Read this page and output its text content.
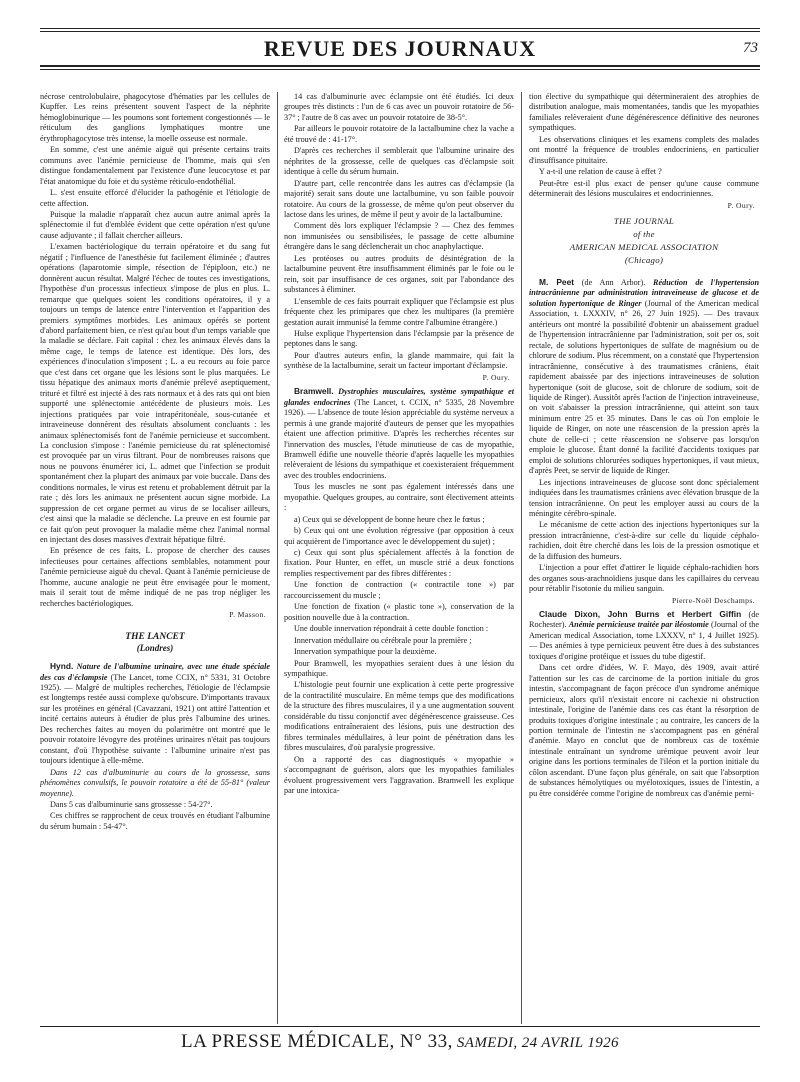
REVUE DES JOURNAUX	73

nécrose centrolobulaire, phagocytose d'hématies par les cellules de Kupffer. Les reins présentent souvent l'aspect de la néphrite hémoglobinurique — les poumons sont fortement congestionnés — le réticulum des ganglions lymphatiques montre une érythrophagocytose très intense, la moelle osseuse est normale.

En somme, c'est une anémie aiguë qui présente certains traits communs avec l'anémie pernicieuse de l'homme, mais qui s'en distingue fondamentalement par l'existence d'une leucocytose et par l'état anatomique du foie et du système réticulo-endothélial.

L. s'est ensuite efforcé d'élucider la pathogénie et l'étiologie de cette affection.

Puisque la maladie n'apparaît chez aucun autre animal après la splénectomie il fut d'emblée évident que cette opération n'est qu'une cause adjuvante ; il fallait chercher ailleurs.

L'examen bactériologique du terrain opératoire et du sang fut négatif ; l'influence de l'anesthésie fut facilement éliminée ; d'autres opérations (laparotomie simple, résection de l'épiploon, etc.) ne donnèrent aucun résultat. Malgré l'échec de toutes ces investigations, l'hypothèse d'un processus infectieux s'impose de plus en plus. L. remarque que quelques soient les conditions opératoires, il y a toujours un temps de latence entre l'intervention et l'apparition des premiers symptômes morbides. Les animaux opérés se portent d'abord parfaitement bien, ce n'est qu'au bout d'un temps variable que la maladie se déclare. Fait capital : chez les animaux élevés dans la même cage, le temps de latence est identique. Dès lors, des expériences d'inoculation s'imposent ; L. a eu recours au foie parce que c'est dans cet organe que les lésions sont le plus marquées. Le tissu hépatique des animaux morts d'anémie prélevé aseptiquement, trituré et filtré est injecté à des rats normaux et à des rats qui ont bien supporté une splénectomie antécédente de plusieurs mois. Les injections pratiquées par voie intrapéritonéale, sous-cutanée et intraveineuse donnèrent des résultats absolument concluants : les animaux splénectomisés font de l'anémie pernicieuse et succombent. La conclusion s'impose : l'anémie pernicieuse du rat splénectomisé est provoquée par un virus filtrant. Pour de nombreuses raisons que nous ne pouvons énumérer ici, L. admet que l'infection se produit spontanément chez la plupart des animaux par voie buccale. Dans des conditions normales, le virus est retenu et probablement détruit par la rate ; dès lors les animaux ne présentent aucun signe morbide. La suppression de cet organe permet au virus de se localiser ailleurs, c'est ainsi que la maladie se déclenche. La preuve en est fournie par ce fait qu'on peut provoquer la maladie même chez l'animal normal en injectant des doses massives d'extrait hépatique filtré.

En présence de ces faits, L. propose de chercher des causes infectieuses pour certaines affections semblables, notamment pour l'anémie pernicieuse aiguë du cheval. Quant à l'anémie pernicieuse de l'homme, aucune analogie ne peut être envisagée pour le moment, mais il serait tout de même indiqué de ne pas trop négliger les recherches bactériologiques.

P. Masson.
THE LANCET
(Londres)

Hynd. Nature de l'albumine urinaire, avec une étude spéciale des cas d'éclampsie (The Lancet, tome CCIX, n° 5331, 31 Octobre 1925). — Malgré de multiples recherches, l'étiologie de l'éclampsie est longtemps restée aussi complexe qu'obscure. D'importants travaux sur les protéines en général (Cavazzani, 1921) ont attiré l'attention et incité certains auteurs à étudier de plus près l'albumine des urines. Des recherches faites au moyen du polarimètre ont montré que le pouvoir rotatoire lévogyre des protéines urinaires n'était pas toujours constant, d'où l'hypothèse suivante : l'albumine urinaire n'est pas toujours identique à elle-même.

Dans 12 cas d'albuminurie au cours de la grossesse, sans phénomènes convulsifs, le pouvoir rotatoire a été de 55-81° (valeur moyenne).

Dans 5 cas d'albuminurie sans grossesse : 54-27°.

Ces chiffres se rapprochent de ceux trouvés en étudiant l'albumine du sérum humain : 54-47°.

14 cas d'albuminurie avec éclampsie ont été étudiés. Ici deux groupes très distincts : l'un de 6 cas avec un pouvoir rotatoire de 56-37° ; l'autre de 8 cas avec un pouvoir rotatoire de 38-5°.

Par ailleurs le pouvoir rotatoire de la lactalbumine chez la vache a été trouvé de : 41-17°.

D'après ces recherches il semblerait que l'albumine urinaire des néphrites de la grossesse, celle de quelques cas d'éclampsie soit identique à celle du sérum humain.

D'autre part, celle rencontrée dans les autres cas d'éclampsie (la majorité) serait sans doute une lactalbumine, vu son faible pouvoir rotatoire. Au cours de la grossesse, de même qu'on peut observer du lactose dans les urines, de même il peut y avoir de la lactalbumine.

Comment dès lors expliquer l'éclampsie ? — Chez des femmes non immunisées ou sensibilisées, le passage de cette albumine étrangère dans le sang déclencherait un choc anaphylactique.

Les protéoses ou autres produits de désintégration de la lactalbumine peuvent être insuffisamment éliminés par le foie ou le rein, soit par insuffisance de ces organes, soit par l'abondance des substances à éliminer.

L'ensemble de ces faits pourrait expliquer que l'éclampsie est plus fréquente chez les primipares que chez les multipares (la première gestation aurait immunisé la femme contre l'albumine étrangère.)

Hulse explique l'hypertension dans l'éclampsie par la présence de peptones dans le sang.

Pour d'autres auteurs enfin, la glande mammaire, qui fait la synthèse de la lactalbumine, serait un facteur important d'éclampsie.

P. Oury.

Bramwell. Dystrophies musculaires, système sympathique et glandes endocrines (The Lancet, t. CCIX, n° 5335, 28 Novembre 1926). — L'absence de toute lésion appréciable du système nerveux a permis à une grande majorité d'auteurs de penser que les myopathies étaient une affection primitive. D'après les recherches récentes sur l'innervation des muscles, l'étude minutieuse de cas de myopathie, Bramwell édifie une nouvelle théorie d'après laquelle les myopathies relèveraient de lésions du sympathique et coexisteraient fréquemment avec des troubles endocriniens.

Tous les muscles ne sont pas également intéressés dans une myopathie. Quelques groupes, au contraire, sont électivement atteints :

a) Ceux qui se développent de bonne heure chez le fœtus ;

b) Ceux qui ont une évolution régressive (par opposition à ceux qui acquièrent de l'importance avec le développement du sujet) ;

c) Ceux qui sont plus spécialement affectés à la fonction de fixation. Pour Hunter, en effet, un muscle strié a deux fonctions remplies respectivement par des fibres différentes :

Une fonction de contraction (« contractile tone ») par raccourcissement du muscle ;

Une fonction de fixation (« plastic tone »), conservation de la position nouvelle due à la contraction.

Une double innervation répondrait à cette double fonction :

Innervation médullaire ou cérébrale pour la première ;

Innervation sympathique pour la deuxième.

Pour Bramwell, les myopathies seraient dues à une lésion du sympathique.

L'histologie peut fournir une explication à cette perte progressive de la contractilité musculaire. En même temps que des modifications de la structure des fibres musculaires, il y a une augmentation souvent considérable du tissu conjonctif avec dégénérescence graisseuse. Ces modifications entraîneraient des lésions, puis une destruction des fibres terminales médullaires, à leur point de pénétration dans les fibres musculaires, d'où paralysie progressive.

On a rapporté des cas diagnostiqués « myopathie » s'accompagnant de guérison, alors que les myopathies familiales évoluent progressivement vers l'aggravation. Bramwell les explique par une intoxica-

tion élective du sympathique qui détermineraient des atrophies de distribution analogue, mais momentanées, tandis que les myopathies familiales relèveraient d'une dégénérescence définitive des neurones sympathiques.

Les observations cliniques et les examens complets des malades ont montré la fréquence de troubles endocriniens, en particulier d'insuffisance pituitaire.

Y a-t-il une relation de cause à effet ?

Peut-être est-il plus exact de penser qu'une cause commune déterminerait des lésions musculaires et endocriniennes.

P. Oury.
THE JOURNAL
of the
AMERICAN MEDICAL ASSOCIATION
(Chicago)

M. Peet (de Ann Arbor). Réduction de l'hypertension intracrânienne par administration intraveineuse de glucose et de solution hypertonique de Ringer (Journal of the American medical Association, t. LXXXIV, n° 26, 27 Juin 1925). — Des travaux antérieurs ont montré la possibilité d'obtenir un abaissement graduel de l'hypertension intracrânienne par l'administration, soit per os, soit rectale, de solutions hypertoniques de sulfate de magnésium ou de chlorure de sodium. Plus récemment, on a constaté que l'hypertension intracrânienne, consécutive à des traumatismes crâniens, était rapidement abaissée par des injections intraveineuses de solution hypertonique (soit de glucose, soit de chlorure de sodium, soit de liquide de Ringer). Aussitôt après l'action de l'injection intraveineuse, on voit s'abaisser la pression intracrânienne, qui atteint son taux minimum entre 25 et 35 minutes. Dans le cas où l'on emploie le liquide de Ringer, on note une réascension de la pression après la chute de celle-ci ; cette réascension ne s'observe pas lorsqu'on emploie le glucose. Étant donné la facilité d'accidents toxiques par emploi de solutions chlorurées sodiques hypertoniques, il vaut mieux, d'après Peet, se servir de liquide de Ringer.

Les injections intraveineuses de glucose sont donc spécialement indiquées dans les traumatismes crâniens avec élévation brusque de la tension intracrânienne. On peut les employer aussi au cours de la méningite cérébro-spinale.

Le mécanisme de cette action des injections hypertoniques sur la pression intracrânienne, c'est-à-dire sur celle du liquide céphalo-rachidien, doit être cherché dans les lois de la pression osmotique et de la diffusion des humeurs.

L'injection a pour effet d'attirer le liquide céphalo-rachidien hors des organes sous-arachnoïdiens jusque dans les capillaires du cerveau pour rétablir l'isotonie du milieu sanguin.

Pierre-Noël Deschamps.

Claude Dixon, John Burns et Herbert Giffin (de Rochester). Anémie pernicieuse traitée par iléostomie (Journal of the American medical Association, tome LXXXV, n° 1, 4 Juillet 1925). — Des anémies à type pernicieux peuvent être dues à des substances toxiques d'origine protéique et issues du tube digestif.

Dans cet ordre d'idées, W. F. Mayo, dès 1909, avait attiré l'attention sur les cas de carcinome de la portion initiale du gros intestin, s'accompagnant de façon précoce d'un syndrome anémique pernicieux, alors qu'il n'existait encore ni cachexie ni obstruction intestinale, l'origine de l'anémie dans ces cas étant la résorption de produits toxiques d'origine intestinale ; au contraire, les cancers de la portion terminale de l'intestin ne s'accompagnent pas en général d'anémie. Mayo en conclut que de nombreux cas de toxémie intestinale entraînant un syndrome urémique peuvent avoir leur origine dans les portions terminales de l'iléon et la portion initiale du côlon ascendant. D'une façon plus générale, on sait que l'absorption de substances hémolytiques ou myélotoxiques, issues de l'intestin, a pu être considérée comme l'origine de nombreux cas d'anémie perni-

LA PRESSE MÉDICALE, N° 33, SAMEDI, 24 AVRIL 1926
